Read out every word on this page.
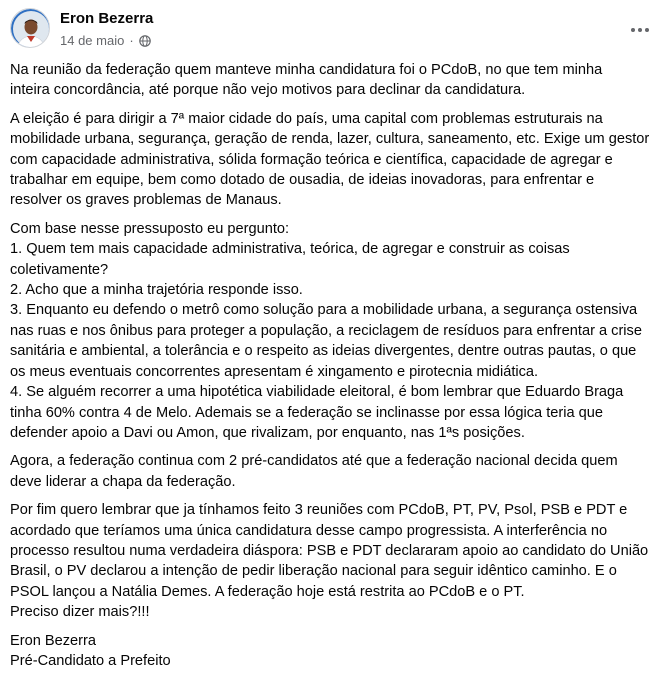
Eron Bezerra
14 de maio ·

Na reunião da federação quem manteve minha candidatura foi o PCdoB, no que tem minha
inteira concordância, até porque não vejo motivos para declinar da candidatura.

A eleição é para dirigir a 7ª maior cidade do país, uma capital com problemas estruturais na
mobilidade urbana, segurança, geração de renda, lazer, cultura, saneamento, etc. Exige um gestor
com capacidade administrativa, sólida formação teórica e científica, capacidade de agregar e
trabalhar em equipe, bem como dotado de ousadia, de ideias inovadoras, para enfrentar e
resolver os graves problemas de Manaus.

Com base nesse pressuposto eu pergunto:
1. Quem tem mais capacidade administrativa, teórica, de agregar e construir as coisas
coletivamente?
2. Acho que a minha trajetória responde isso.
3. Enquanto eu defendo o metrô como solução para a mobilidade urbana, a segurança ostensiva
nas ruas e nos ônibus para proteger a população, a reciclagem de resíduos para enfrentar a crise
sanitária e ambiental, a tolerância e o respeito as ideias divergentes, dentre outras pautas, o que
os meus eventuais concorrentes apresentam é xingamento e pirotecnia midiática.
4. Se alguém recorrer a uma hipotética viabilidade eleitoral, é bom lembrar que Eduardo Braga
tinha 60% contra 4 de Melo. Ademais se a federação se inclinasse por essa lógica teria que
defender apoio a Davi ou Amon, que rivalizam, por enquanto, nas 1ªs posições.

Agora, a federação continua com 2 pré-candidatos até que a federação nacional decida quem
deve liderar a chapa da federação.

Por fim quero lembrar que ja tínhamos feito 3 reuniões com PCdoB, PT, PV, Psol, PSB e PDT e
acordado que teríamos uma única candidatura desse campo progressista. A interferência no
processo resultou numa verdadeira diáspora: PSB e PDT declararam apoio ao candidato do União
Brasil, o PV declarou a intenção de pedir liberação nacional para seguir idêntico caminho. E o
PSOL lançou a Natália Demes. A federação hoje está restrita ao PCdoB e o PT.
Preciso dizer mais?!!!

Eron Bezerra
Pré-Candidato a Prefeito
